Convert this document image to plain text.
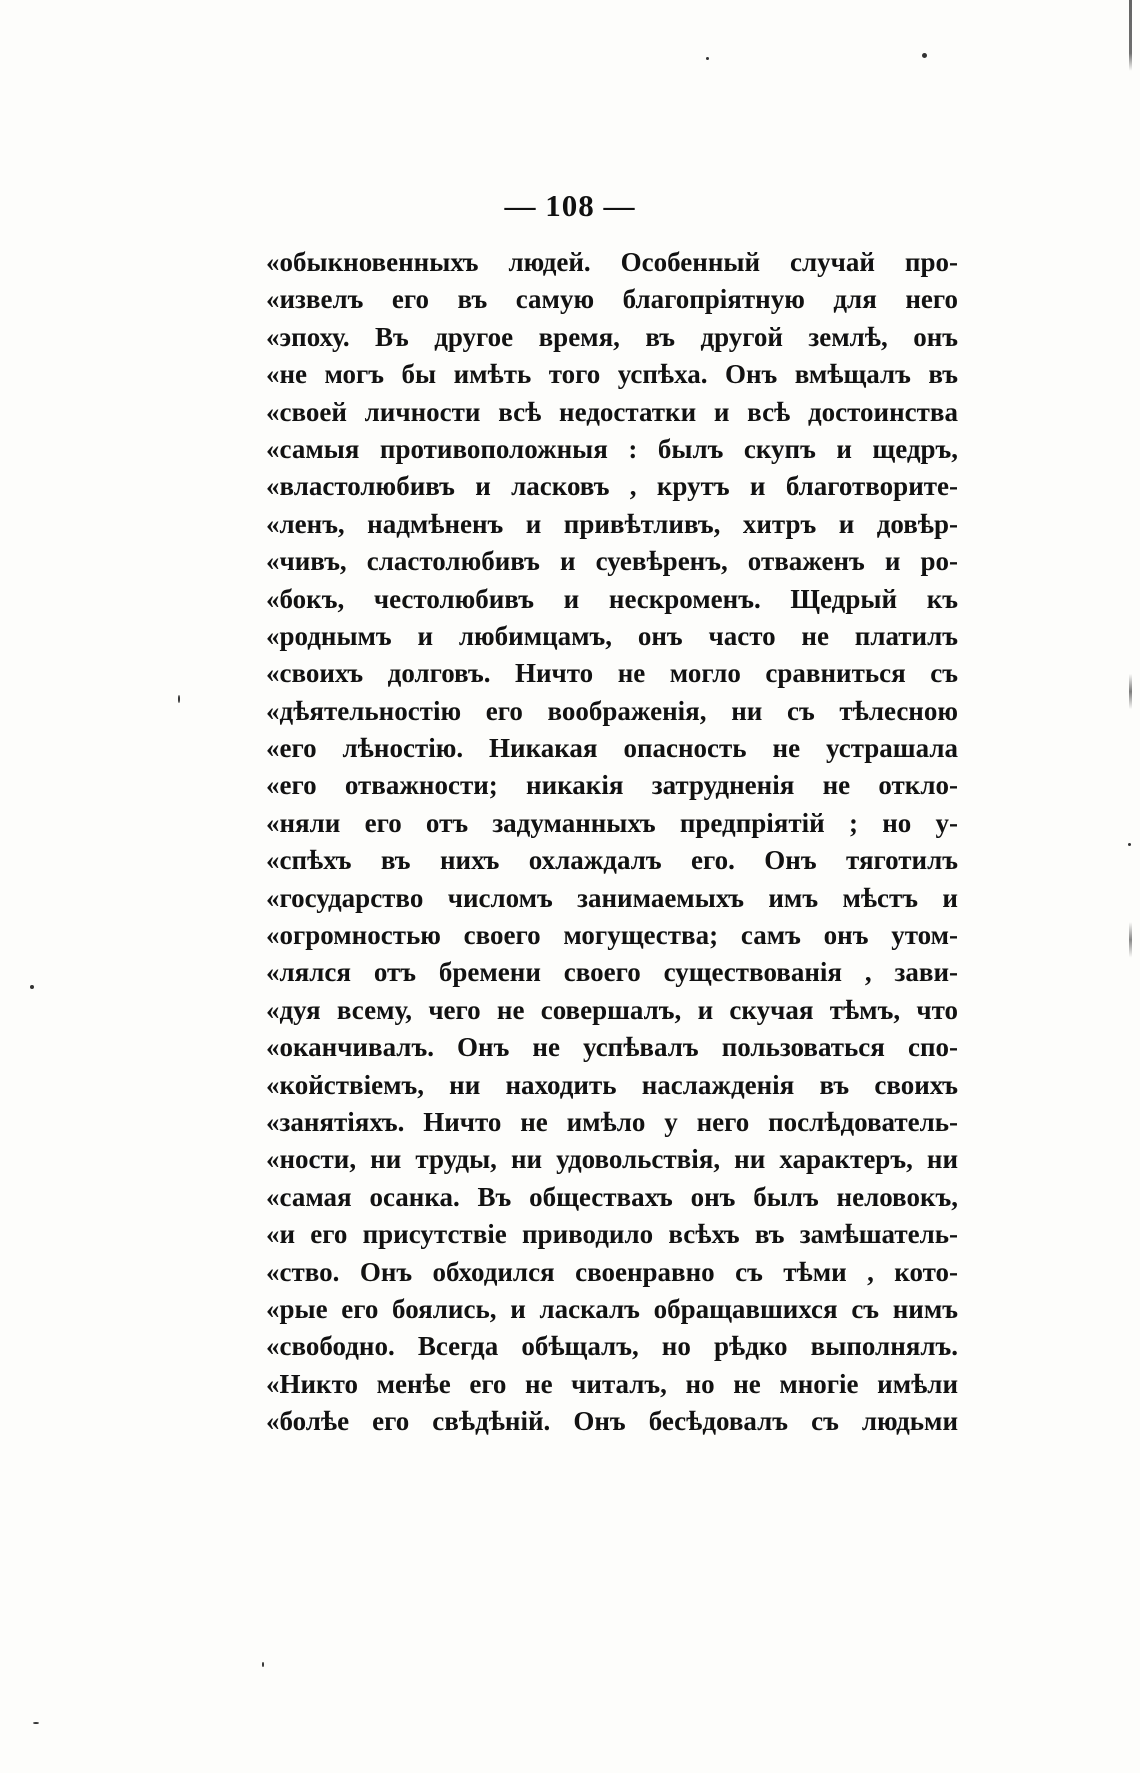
— 108 —
«обыкновенныхъ людей. Особенный случай про-
«извелъ его въ самую благопріятную для него
«эпоху. Въ другое время, въ другой землѣ, онъ
«не могъ бы имѣть того успѣха. Онъ вмѣщалъ въ
«своей личности всѣ недостатки и всѣ достоинства
«самыя противоположныя : былъ скупъ и щедръ,
«властолюбивъ и ласковъ , крутъ и благотворите-
«ленъ, надмѣненъ и привѣтливъ, хитръ и довѣр-
«чивъ, сластолюбивъ и суевѣренъ, отваженъ и ро-
«бокъ, честолюбивъ и нескроменъ. Щедрый къ
«роднымъ и любимцамъ, онъ часто не платилъ
«своихъ долговъ. Ничто не могло сравниться съ
«дѣятельностію его воображенія, ни съ тѣлесною
«его лѣностію. Никакая опасность не устрашала
«его отважности; никакія затрудненія не откло-
«няли его отъ задуманныхъ предпріятій ; но у-
«спѣхъ въ нихъ охлаждалъ его. Онъ тяготилъ
«государство числомъ занимаемыхъ имъ мѣстъ и
«огромностью своего могущества; самъ онъ утом-
«лялся отъ бремени своего существованія , зави-
«дуя всему, чего не совершалъ, и скучая тѣмъ, что
«оканчивалъ. Онъ не успѣвалъ пользоваться спо-
«койствіемъ, ни находить наслажденія въ своихъ
«занятіяхъ. Ничто не имѣло у него послѣдователь-
«ности, ни труды, ни удовольствія, ни характеръ, ни
«самая осанка. Въ обществахъ онъ былъ неловокъ,
«и его присутствіе приводило всѣхъ въ замѣшатель-
«ство. Онъ обходился своенравно съ тѣми , кото-
«рые его боялись, и ласкалъ обращавшихся съ нимъ
«свободно. Всегда обѣщалъ, но рѣдко выполнялъ.
«Никто менѣе его не читалъ, но не многіе имѣли
«болѣе его свѣдѣній. Онъ бесѣдовалъ съ людьми
